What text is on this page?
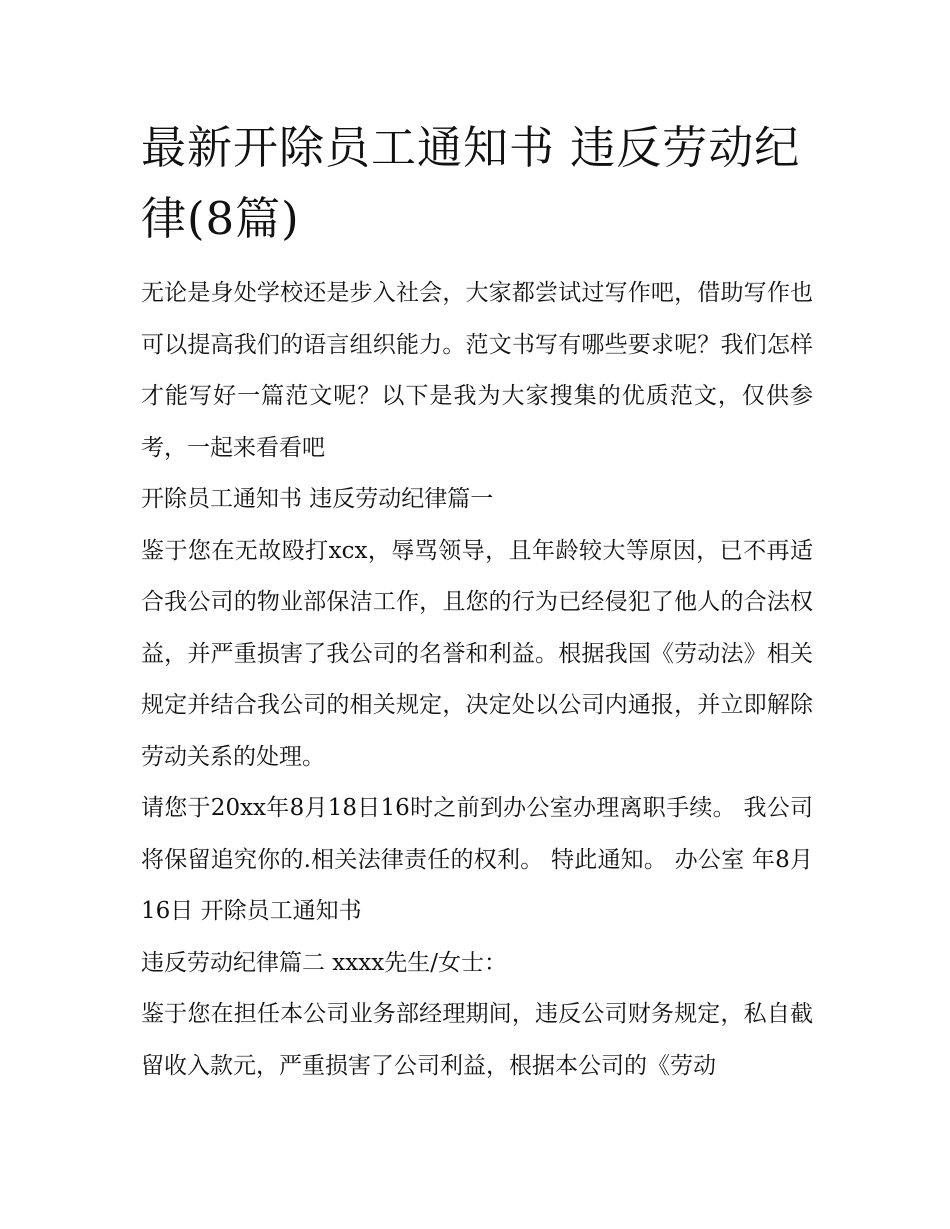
最新开除员工通知书 违反劳动纪律(8篇)

无论是身处学校还是步入社会，大家都尝试过写作吧，借助写作也可以提高我们的语言组织能力。范文书写有哪些要求呢？我们怎样才能写好一篇范文呢？以下是我为大家搜集的优质范文，仅供参考，一起来看看吧

开除员工通知书 违反劳动纪律篇一

鉴于您在无故殴打xcx，辱骂领导，且年龄较大等原因，已不再适合我公司的物业部保洁工作，且您的行为已经侵犯了他人的合法权益，并严重损害了我公司的名誉和利益。根据我国《劳动法》相关规定并结合我公司的相关规定，决定处以公司内通报，并立即解除劳动关系的处理。

请您于20xx年8月18日16时之前到办公室办理离职手续。 我公司将保留追究你的.相关法律责任的权利。 特此通知。 办公室 年8月16日 开除员工通知书

违反劳动纪律篇二 xxxx先生/女士：

鉴于您在担任本公司业务部经理期间，违反公司财务规定，私自截留收入款元，严重损害了公司利益，根据本公司的《劳动
